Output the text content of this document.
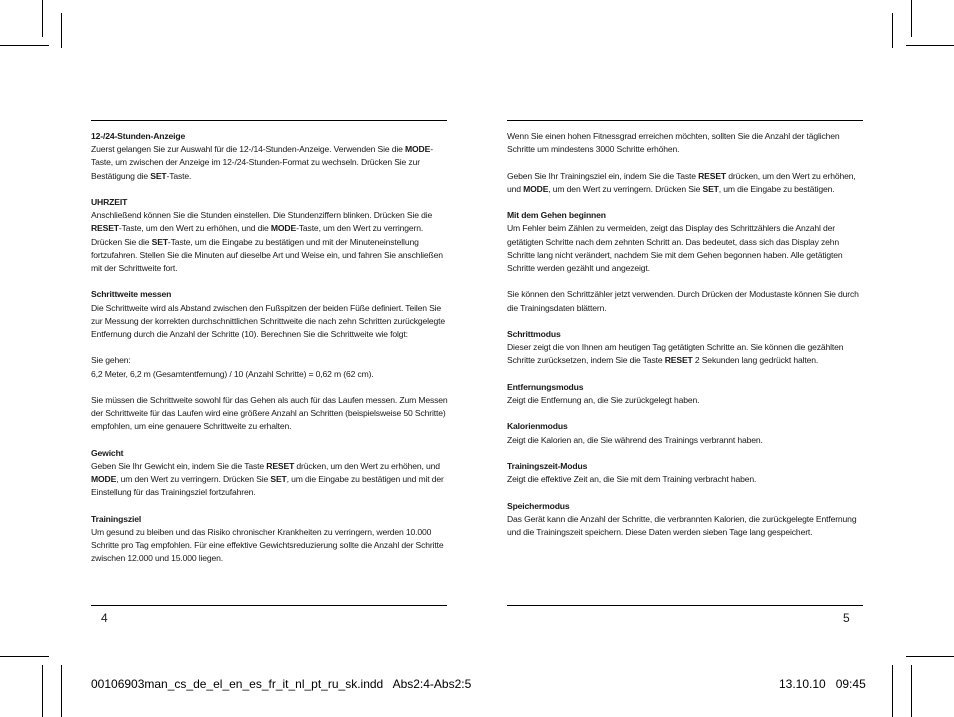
12-/24-Stunden-Anzeige
Zuerst gelangen Sie zur Auswahl für die 12-/14-Stunden-Anzeige. Verwenden Sie die MODE-Taste, um zwischen der Anzeige im 12-/24-Stunden-Format zu wechseln. Drücken Sie zur Bestätigung die SET-Taste.

UHRZEIT
Anschließend können Sie die Stunden einstellen. Die Stundenziffern blinken. Drücken Sie die RESET-Taste, um den Wert zu erhöhen, und die MODE-Taste, um den Wert zu verringern. Drücken Sie die SET-Taste, um die Eingabe zu bestätigen und mit der Minuteneinstellung fortzufahren. Stellen Sie die Minuten auf dieselbe Art und Weise ein, und fahren Sie anschließen mit der Schrittweite fort.

Schrittweite messen
Die Schrittweite wird als Abstand zwischen den Fußspitzen der beiden Füße definiert. Teilen Sie zur Messung der korrekten durchschnittlichen Schrittweite die nach zehn Schritten zurückgelegte Entfernung durch die Anzahl der Schritte (10). Berechnen Sie die Schrittweite wie folgt:

Sie gehen:
6,2 Meter, 6,2 m (Gesamtentfernung) / 10 (Anzahl Schritte) = 0,62 m (62 cm).

Sie müssen die Schrittweite sowohl für das Gehen als auch für das Laufen messen. Zum Messen der Schrittweite für das Laufen wird eine größere Anzahl an Schritten (beispielsweise 50 Schritte) empfohlen, um eine genauere Schrittweite zu erhalten.

Gewicht
Geben Sie Ihr Gewicht ein, indem Sie die Taste RESET drücken, um den Wert zu erhöhen, und MODE, um den Wert zu verringern. Drücken Sie SET, um die Eingabe zu bestätigen und mit der Einstellung für das Trainingsziel fortzufahren.

Trainingsziel
Um gesund zu bleiben und das Risiko chronischer Krankheiten zu verringern, werden 10.000 Schritte pro Tag empfohlen. Für eine effektive Gewichtsreduzierung sollte die Anzahl der Schritte zwischen 12.000 und 15.000 liegen.

Wenn Sie einen hohen Fitnessgrad erreichen möchten, sollten Sie die Anzahl der täglichen Schritte um mindestens 3000 Schritte erhöhen.

Geben Sie Ihr Trainingsziel ein, indem Sie die Taste RESET drücken, um den Wert zu erhöhen, und MODE, um den Wert zu verringern. Drücken Sie SET, um die Eingabe zu bestätigen.

Mit dem Gehen beginnen
Um Fehler beim Zählen zu vermeiden, zeigt das Display des Schrittzählers die Anzahl der getätigten Schritte nach dem zehnten Schritt an. Das bedeutet, dass sich das Display zehn Schritte lang nicht verändert, nachdem Sie mit dem Gehen begonnen haben. Alle getätigten Schritte werden gezählt und angezeigt.

Sie können den Schrittzähler jetzt verwenden. Durch Drücken der Modustaste können Sie durch die Trainingsdaten blättern.

Schrittmodus
Dieser zeigt die von Ihnen am heutigen Tag getätigten Schritte an. Sie können die gezählten Schritte zurücksetzen, indem Sie die Taste RESET 2 Sekunden lang gedrückt halten.

Entfernungsmodus
Zeigt die Entfernung an, die Sie zurückgelegt haben.

Kalorienmodus
Zeigt die Kalorien an, die Sie während des Trainings verbrannt haben.

Trainingszeit-Modus
Zeigt die effektive Zeit an, die Sie mit dem Training verbracht haben.

Speichermodus
Das Gerät kann die Anzahl der Schritte, die verbrannten Kalorien, die zurückgelegte Entfernung und die Trainingszeit speichern. Diese Daten werden sieben Tage lang gespeichert.

4	5
00106903man_cs_de_el_en_es_fr_it_nl_pt_ru_sk.indd   Abs2:4-Abs2:5	13.10.10   09:45
